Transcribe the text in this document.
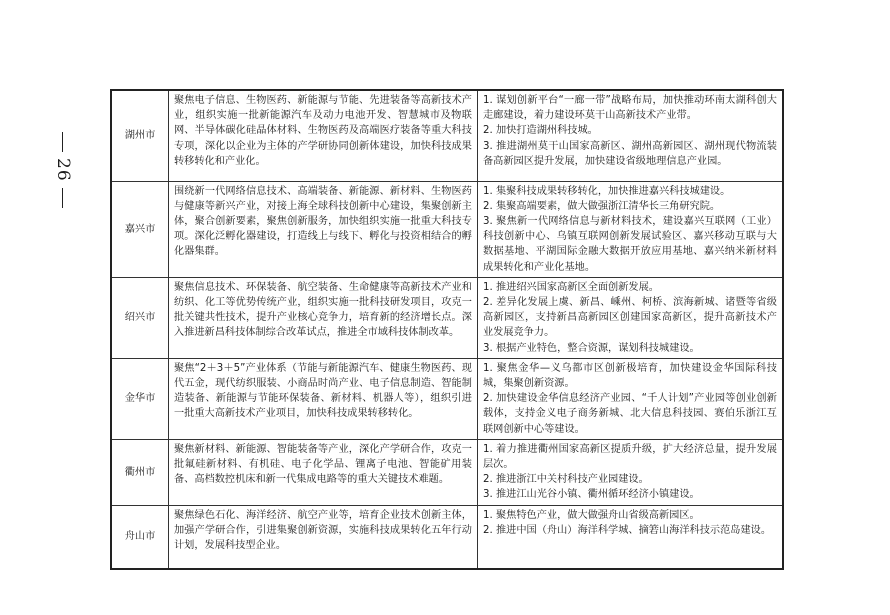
26
湖州市	聚焦电子信息、生物医药、新能源与节能、先进装备等高新技术产业，组织实施一批新能源汽车及动力电池开发、智慧城市及物联网、半导体碳化硅晶体材料、生物医药及高端医疗装备等重大科技专项，深化以企业为主体的产学研协同创新体建设，加快科技成果转移转化和产业化。	1. 谋划创新平台“一廊一带”战略布局，加快推动环南太湖科创大走廊建设，着力建设环莫干山高新技术产业带。
2. 加快打造湖州科技城。
3. 推进湖州莫干山国家高新区、湖州高新园区、湖州现代物流装备高新园区提升发展，加快建设省级地理信息产业园。

嘉兴市	围绕新一代网络信息技术、高端装备、新能源、新材料、生物医药与健康等新兴产业，对接上海全球科技创新中心建设，集聚创新主体，聚合创新要素，聚焦创新服务，加快组织实施一批重大科技专项。深化泛孵化器建设，打造线上与线下、孵化与投资相结合的孵化器集群。	1. 集聚科技成果转移转化，加快推进嘉兴科技城建设。
2. 集聚高端要素，做大做强浙江清华长三角研究院。
3. 聚焦新一代网络信息与新材料技术，建设嘉兴互联网（工业）科技创新中心、乌镇互联网创新发展试验区、嘉兴移动互联与大数据基地、平湖国际金融大数据开放应用基地、嘉兴纳米新材料成果转化和产业化基地。

绍兴市	聚焦信息技术、环保装备、航空装备、生命健康等高新技术产业和纺织、化工等优势传统产业，组织实施一批科技研发项目，攻克一批关键共性技术，提升产业核心竞争力，培育新的经济增长点。深入推进新昌科技体制综合改革试点，推进全市域科技体制改革。	1. 推进绍兴国家高新区全面创新发展。
2. 差异化发展上虞、新昌、嵊州、柯桥、滨海新城、诸暨等省级高新园区，支持新昌高新园区创建国家高新区，提升高新技术产业发展竞争力。
3. 根据产业特色，整合资源，谋划科技城建设。

金华市	聚焦“2＋3＋5”产业体系（节能与新能源汽车、健康生物医药、现代五金，现代纺织服装、小商品时尚产业、电子信息制造、智能制造装备、新能源与节能环保装备、新材料、机器人等），组织引进一批重大高新技术产业项目，加快科技成果转移转化。	1. 聚焦金华—义乌都市区创新极培育，加快建设金华国际科技城，集聚创新资源。
2. 加快建设金华信息经济产业园、“千人计划”产业园等创业创新载体，支持金义电子商务新城、北大信息科技园、赛伯乐浙江互联网创新中心等建设。

衢州市	聚焦新材料、新能源、智能装备等产业，深化产学研合作，攻克一批氟硅新材料、有机硅、电子化学品、锂离子电池、智能矿用装备、高档数控机床和新一代集成电路等的重大关键技术难题。	1. 着力推进衢州国家高新区提质升级，扩大经济总量，提升发展层次。
2. 推进浙江中关村科技产业园建设。
3. 推进江山光谷小镇、衢州循环经济小镇建设。

舟山市	聚焦绿色石化、海洋经济、航空产业等，培育企业技术创新主体，加强产学研合作，引进集聚创新资源，实施科技成果转化五年行动计划，发展科技型企业。	1. 聚焦特色产业，做大做强舟山省级高新园区。
2. 推进中国（舟山）海洋科学城、摘箬山海洋科技示范岛建设。
